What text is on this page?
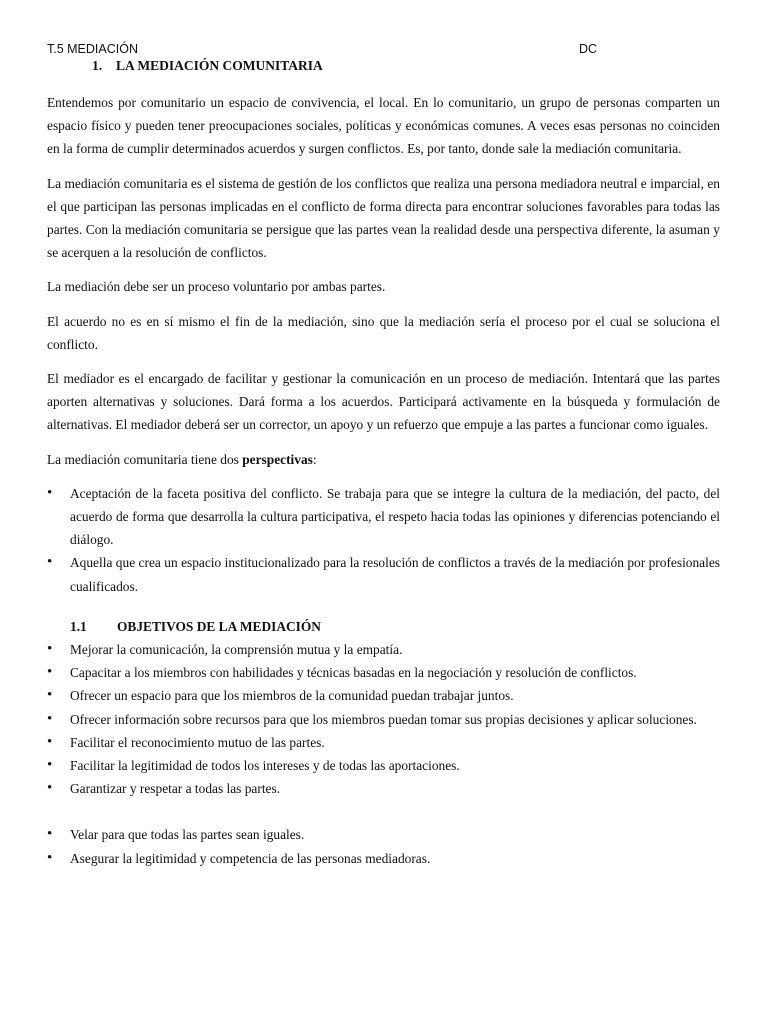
T.5 MEDIACIÓN	DC
1. LA MEDIACIÓN COMUNITARIA

Entendemos por comunitario un espacio de convivencia, el local. En lo comunitario, un grupo de personas comparten un espacio físico y pueden tener preocupaciones sociales, políticas y económicas comunes. A veces esas personas no coinciden en la forma de cumplir determinados acuerdos y surgen conflictos. Es, por tanto, donde sale la mediación comunitaria.

La mediación comunitaria es el sistema de gestión de los conflictos que realiza una persona mediadora neutral e imparcial, en el que participan las personas implicadas en el conflicto de forma directa para encontrar soluciones favorables para todas las partes. Con la mediación comunitaria se persigue que las partes vean la realidad desde una perspectiva diferente, la asuman y se acerquen a la resolución de conflictos.

La mediación debe ser un proceso voluntario por ambas partes.

El acuerdo no es en sí mismo el fin de la mediación, sino que la mediación sería el proceso por el cual se soluciona el conflicto.

El mediador es el encargado de facilitar y gestionar la comunicación en un proceso de mediación. Intentará que las partes aporten alternativas y soluciones. Dará forma a los acuerdos. Participará activamente en la búsqueda y formulación de alternativas. El mediador deberá ser un corrector, un apoyo y un refuerzo que empuje a las partes a funcionar como iguales.

La mediación comunitaria tiene dos perspectivas:

• Aceptación de la faceta positiva del conflicto. Se trabaja para que se integre la cultura de la mediación, del pacto, del acuerdo de forma que desarrolla la cultura participativa, el respeto hacia todas las opiniones y diferencias potenciando el diálogo.
• Aquella que crea un espacio institucionalizado para la resolución de conflictos a través de la mediación por profesionales cualificados.
1.1 OBJETIVOS DE LA MEDIACIÓN
• Mejorar la comunicación, la comprensión mutua y la empatía.
• Capacitar a los miembros con habilidades y técnicas basadas en la negociación y resolución de conflictos.
• Ofrecer un espacio para que los miembros de la comunidad puedan trabajar juntos.
• Ofrecer información sobre recursos para que los miembros puedan tomar sus propias decisiones y aplicar soluciones.
• Facilitar el reconocimiento mutuo de las partes.
• Facilitar la legitimidad de todos los intereses y de todas las aportaciones.
• Garantizar y respetar a todas las partes.
• Velar para que todas las partes sean iguales.
• Asegurar la legitimidad y competencia de las personas mediadoras.
